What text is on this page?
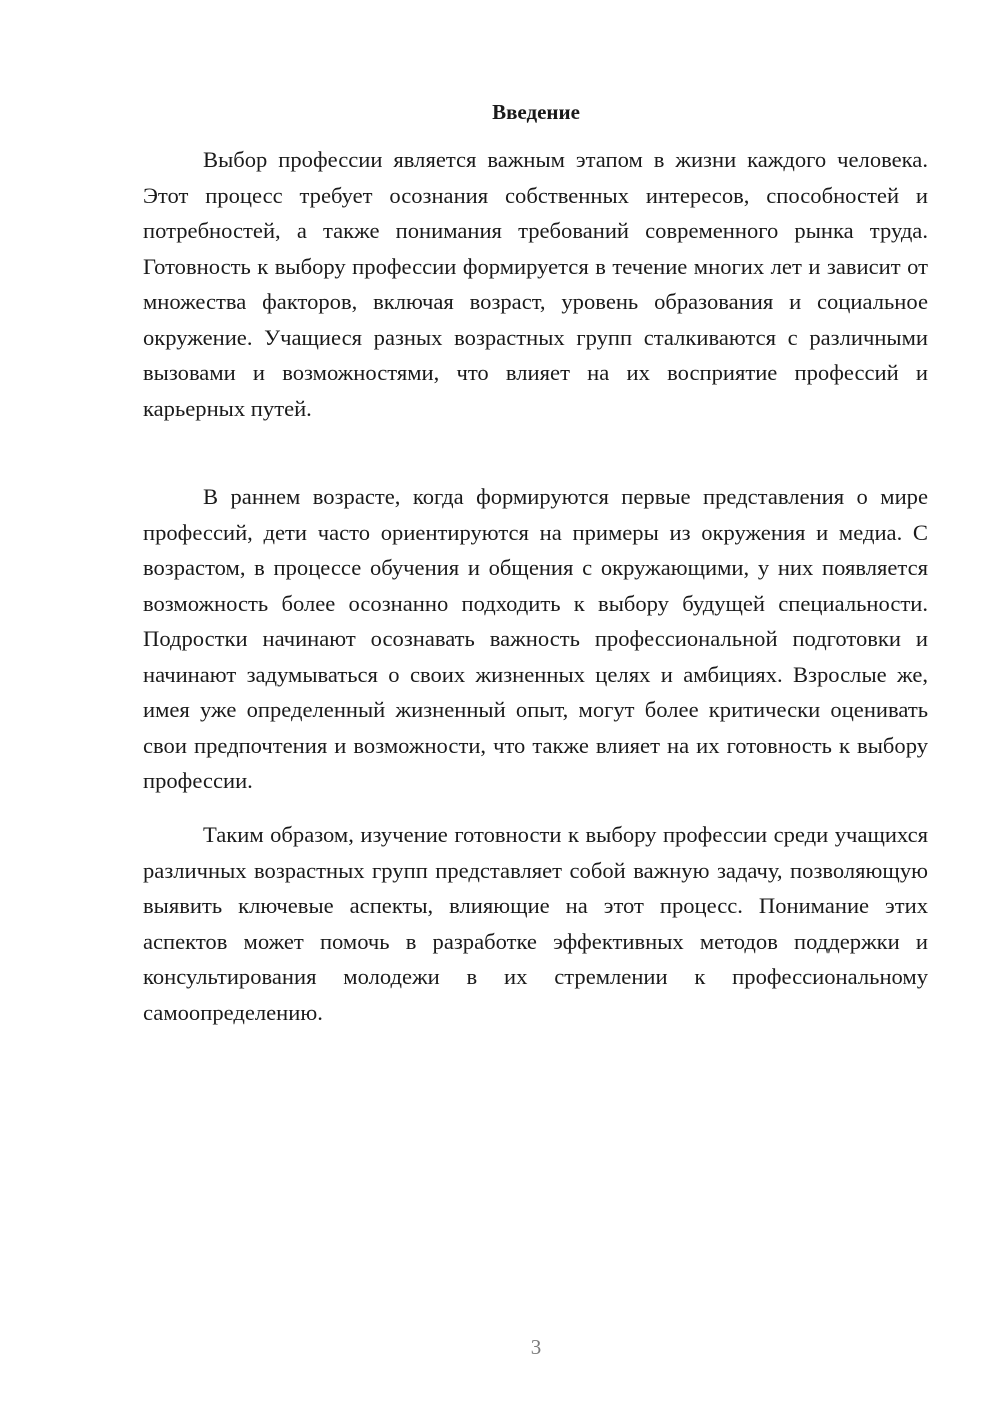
Введение

Выбор профессии является важным этапом в жизни каждого человека. Этот процесс требует осознания собственных интересов, способностей и потребностей, а также понимания требований современного рынка труда. Готовность к выбору профессии формируется в течение многих лет и зависит от множества факторов, включая возраст, уровень образования и социальное окружение. Учащиеся разных возрастных групп сталкиваются с различными вызовами и возможностями, что влияет на их восприятие профессий и карьерных путей.

В раннем возрасте, когда формируются первые представления о мире профессий, дети часто ориентируются на примеры из окружения и медиа. С возрастом, в процессе обучения и общения с окружающими, у них появляется возможность более осознанно подходить к выбору будущей специальности. Подростки начинают осознавать важность профессиональной подготовки и начинают задумываться о своих жизненных целях и амбициях. Взрослые же, имея уже определенный жизненный опыт, могут более критически оценивать свои предпочтения и возможности, что также влияет на их готовность к выбору профессии.

Таким образом, изучение готовности к выбору профессии среди учащихся различных возрастных групп представляет собой важную задачу, позволяющую выявить ключевые аспекты, влияющие на этот процесс. Понимание этих аспектов может помочь в разработке эффективных методов поддержки и консультирования молодежи в их стремлении к профессиональному самоопределению.

3
